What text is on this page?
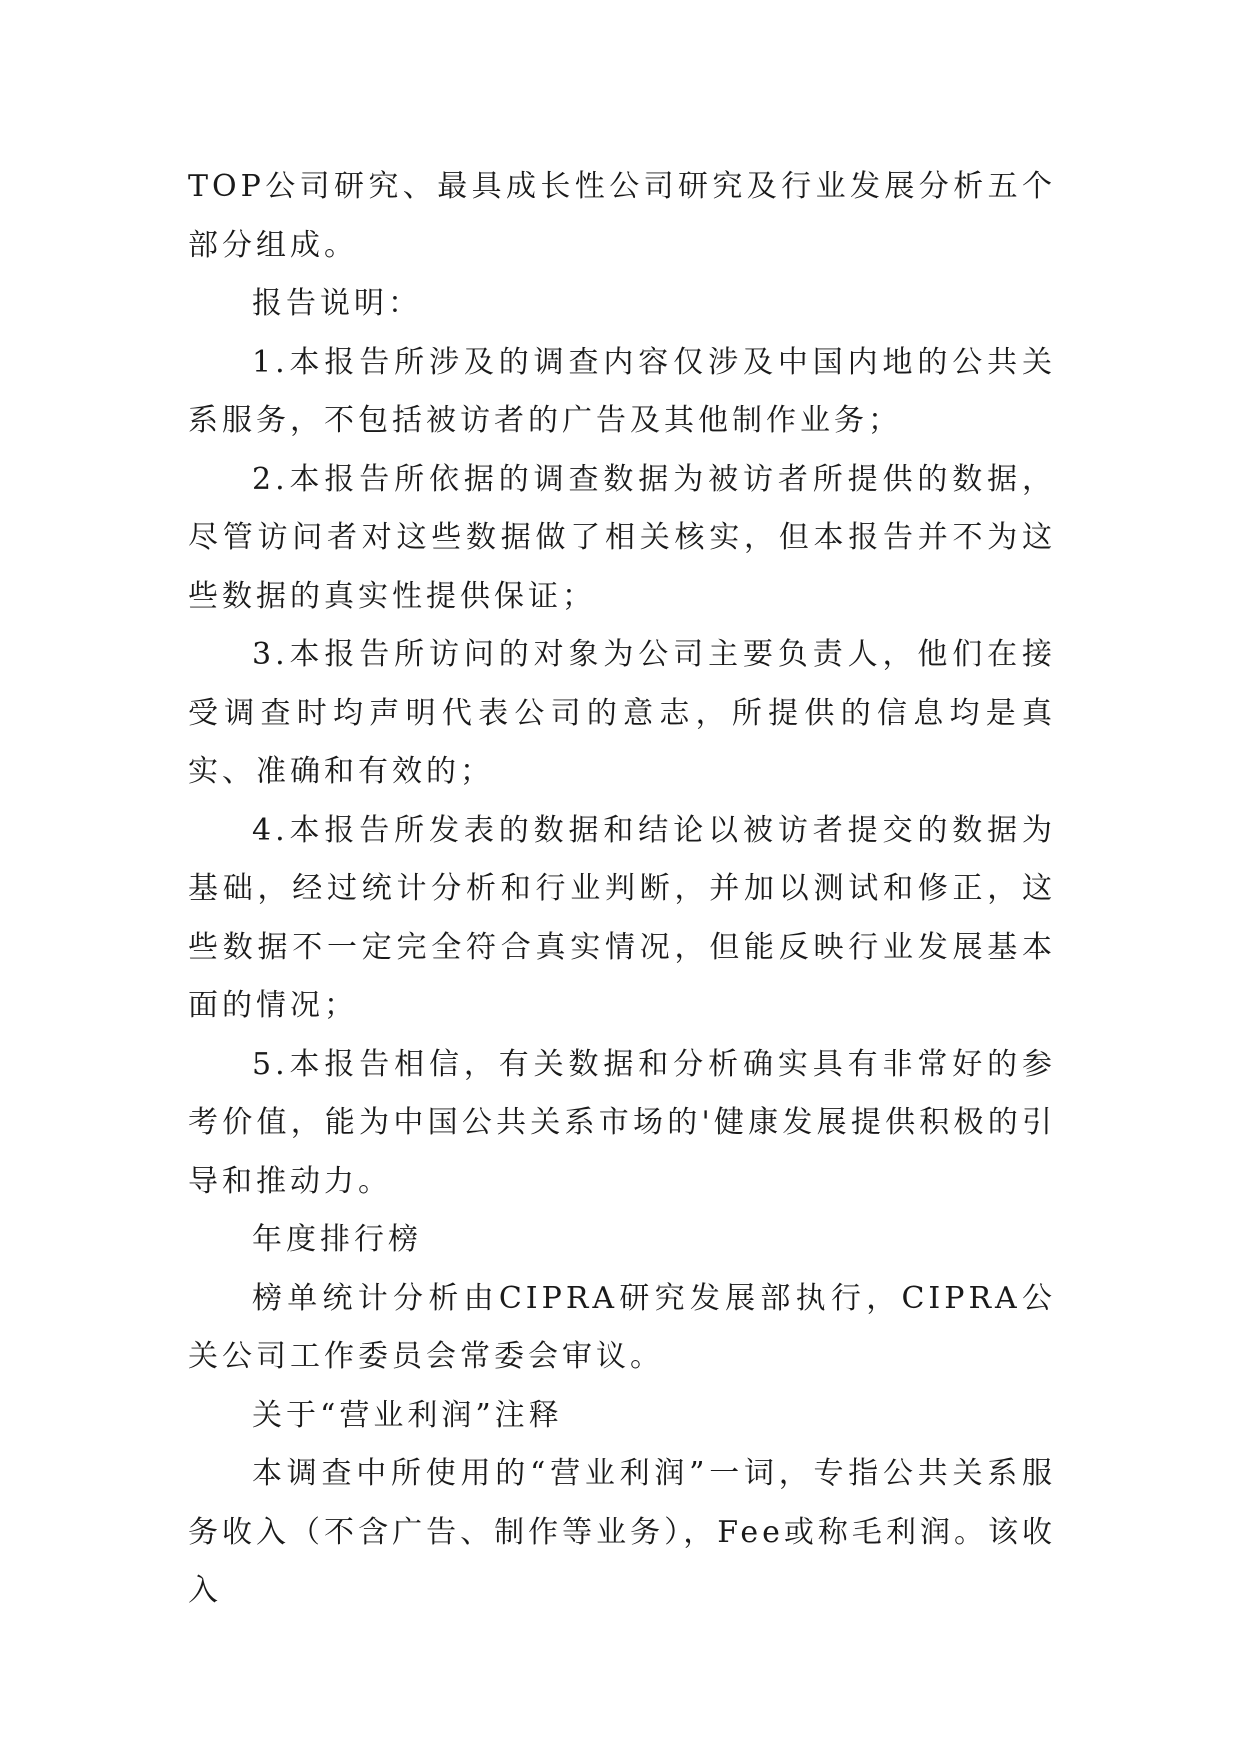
TOP公司研究、最具成长性公司研究及行业发展分析五个部分组成。

报告说明：

1.本报告所涉及的调查内容仅涉及中国内地的公共关系服务，不包括被访者的广告及其他制作业务；

2.本报告所依据的调查数据为被访者所提供的数据，尽管访问者对这些数据做了相关核实，但本报告并不为这些数据的真实性提供保证；

3.本报告所访问的对象为公司主要负责人，他们在接受调查时均声明代表公司的意志，所提供的信息均是真实、准确和有效的；

4.本报告所发表的数据和结论以被访者提交的数据为基础，经过统计分析和行业判断，并加以测试和修正，这些数据不一定完全符合真实情况，但能反映行业发展基本面的情况；

5.本报告相信，有关数据和分析确实具有非常好的参考价值，能为中国公共关系市场的'健康发展提供积极的引导和推动力。

年度排行榜

榜单统计分析由CIPRA研究发展部执行，CIPRA公关公司工作委员会常委会审议。

关于“营业利润”注释

本调查中所使用的“营业利润”一词，专指公共关系服务收入（不含广告、制作等业务），Fee或称毛利润。该收入
